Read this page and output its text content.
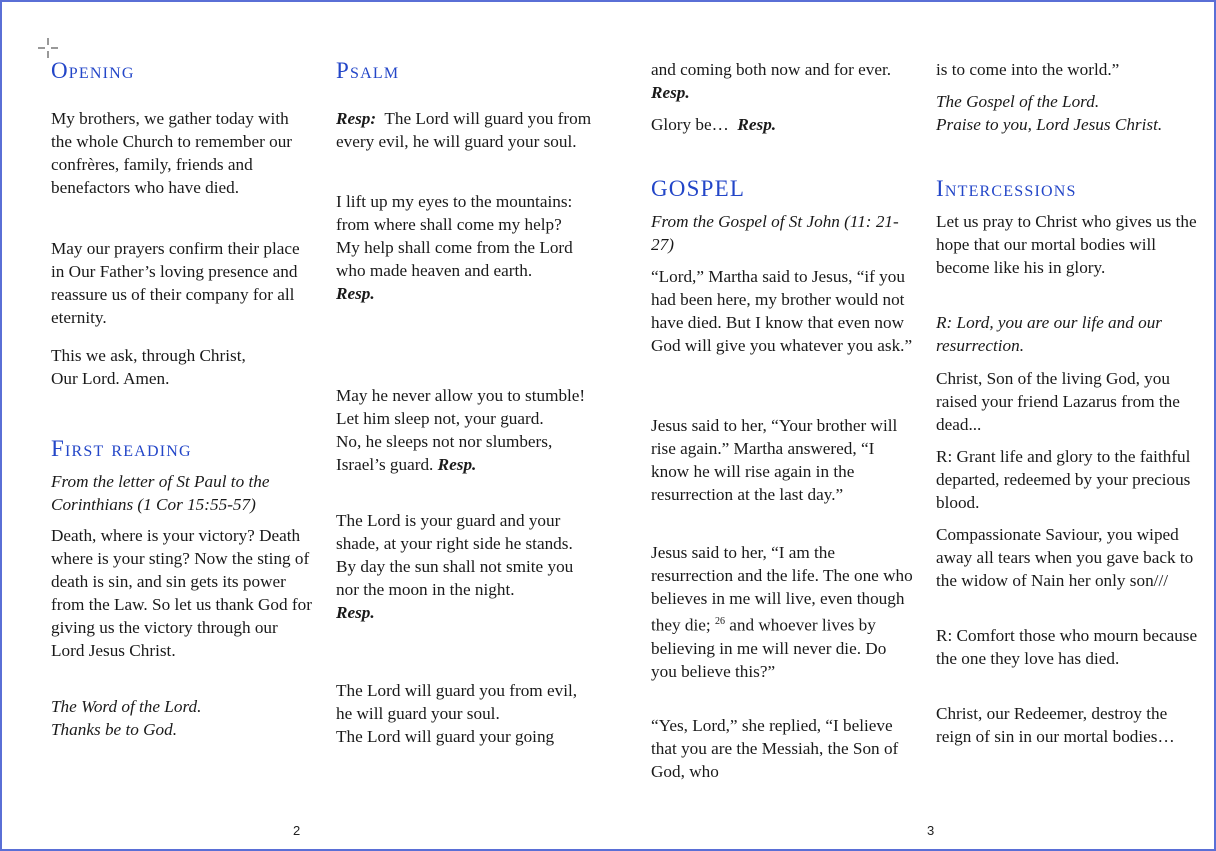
Opening
My brothers, we gather today with the whole Church to remember our confrères, family, friends and benefactors who have died.
May our prayers confirm their place in Our Father’s loving presence and reassure us of their company for all eternity.
This we ask, through Christ,
Our Lord. Amen.
First reading
From the letter of St Paul to the Corinthians (1 Cor 15:55-57)
Death, where is your victory? Death where is your sting? Now the sting of death is sin, and sin gets its power from the Law. So let us thank God for giving us the victory through our Lord Jesus Christ.
The Word of the Lord.
Thanks be to God.
Psalm
Resp: The Lord will guard you from every evil, he will guard your soul.
I lift up my eyes to the mountains:
from where shall come my help?
My help shall come from the Lord
who made heaven and earth.
Resp.
May he never allow you to stumble!
Let him sleep not, your guard.
No, he sleeps not nor slumbers,
Israel’s guard. Resp.
The Lord is your guard and your shade, at your right side he stands.
By day the sun shall not smite you
nor the moon in the night.
Resp.
The Lord will guard you from evil,
he will guard your soul.
The Lord will guard your going
and coming both now and for ever. Resp.
Glory be… Resp.
GOSPEL
From the Gospel of St John (11: 21-27)
“Lord,” Martha said to Jesus, “if you had been here, my brother would not have died. But I know that even now God will give you whatever you ask.”
Jesus said to her, “Your brother will rise again.” Martha answered, “I know he will rise again in the resurrection at the last day.”
Jesus said to her, “I am the resurrection and the life. The one who believes in me will live, even though they die; $^{26}$ and whoever lives by believing in me will never die. Do you believe this?”
“Yes, Lord,” she replied, “I believe that you are the Messiah, the Son of God, who
is to come into the world.”
The Gospel of the Lord.
Praise to you, Lord Jesus Christ.
Intercessions
Let us pray to Christ who gives us the hope that our mortal bodies will become like his in glory.
R: Lord, you are our life and our resurrection.
Christ, Son of the living God, you raised your friend Lazarus from the dead...
R: Grant life and glory to the faithful departed, redeemed by your precious blood.
Compassionate Saviour, you wiped away all tears when you gave back to the widow of Nain her only son///
R: Comfort those who mourn because the one they love has died.
Christ, our Redeemer, destroy the reign of sin in our mortal bodies…
2	3
